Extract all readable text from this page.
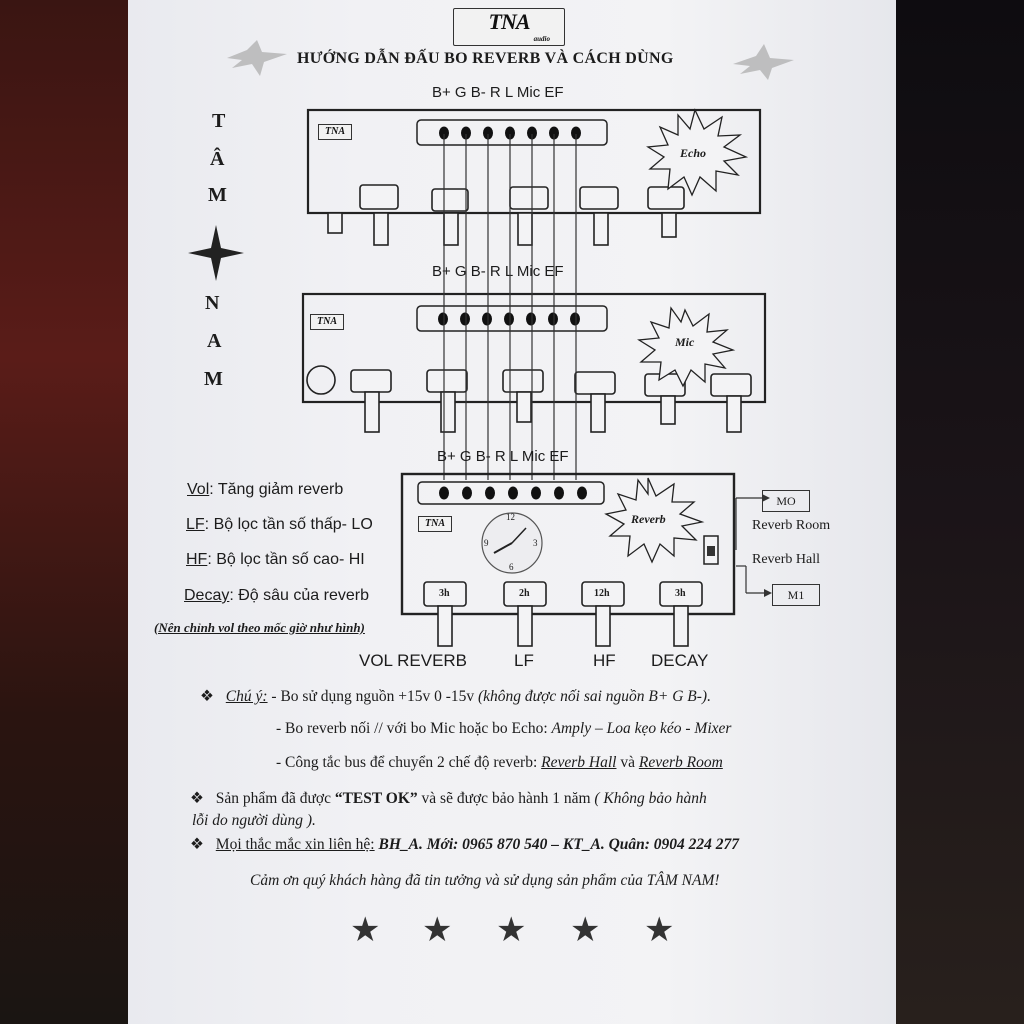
TNA
audio
HƯỚNG DẪN ĐẤU BO REVERB VÀ CÁCH DÙNG
T
Â
M
N
A
M
B+ G B- R L Mic EF
TNA
Echo
B+ G B- R L Mic EF
TNA
Mic
B+ G B- R L Mic EF
TNA	Reverb
12
3
6
9
3h	2h	12h	3h
MO
Reverb Room
Reverb Hall
M1
Vol: Tăng giảm reverb
LF: Bộ lọc tần số thấp- LO
HF: Bộ lọc tần số cao- HI
Decay: Độ sâu của reverb
(Nên chỉnh vol theo mốc giờ như hình)
VOL REVERB	LF	HF DECAY
❖ Chú ý: - Bo sử dụng nguồn +15v 0 -15v (không được nối sai nguồn B+ G B-).
- Bo reverb nối // với bo Mic hoặc bo Echo: Amply – Loa kẹo kéo - Mixer
- Công tắc bus để chuyển 2 chế độ reverb: Reverb Hall và Reverb Room
❖ Sản phẩm đã được “TEST OK” và sẽ được bảo hành 1 năm ( Không bảo hành
lỗi do người dùng ).
❖ Mọi thắc mắc xin liên hệ: BH_A. Mới: 0965 870 540 – KT_A. Quân: 0904 224 277
Cảm ơn quý khách hàng đã tin tưởng và sử dụng sản phẩm của TÂM NAM!
★ ★ ★ ★ ★
